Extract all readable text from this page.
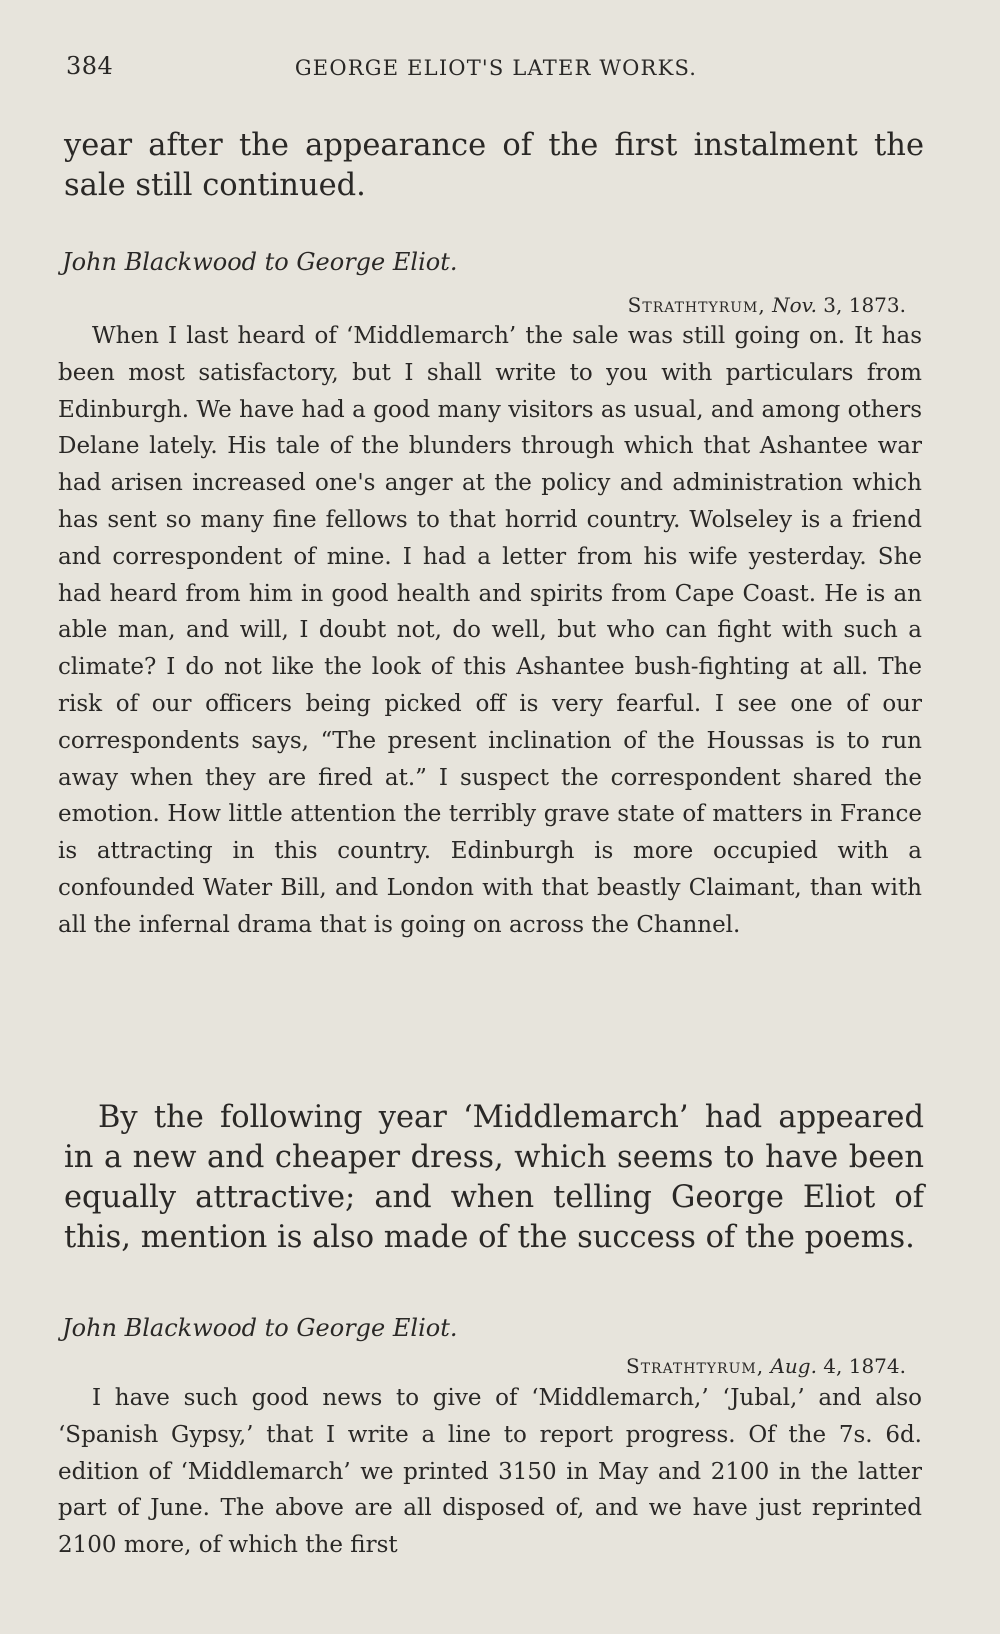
384	GEORGE ELIOT'S LATER WORKS.
year after the appearance of the first instalment the sale still continued.
John Blackwood to George Eliot.
Strathtyrum, Nov. 3, 1873.
When I last heard of ‘Middlemarch’ the sale was still going on. It has been most satisfactory, but I shall write to you with particulars from Edinburgh. We have had a good many visitors as usual, and among others Delane lately. His tale of the blunders through which that Ashantee war had arisen increased one's anger at the policy and administration which has sent so many fine fellows to that horrid country. Wolseley is a friend and correspondent of mine. I had a letter from his wife yesterday. She had heard from him in good health and spirits from Cape Coast. He is an able man, and will, I doubt not, do well, but who can fight with such a climate? I do not like the look of this Ashantee bush-fighting at all. The risk of our officers being picked off is very fearful. I see one of our correspondents says, “The present inclination of the Houssas is to run away when they are fired at.” I suspect the correspondent shared the emotion. How little attention the terribly grave state of matters in France is attracting in this country. Edinburgh is more occupied with a confounded Water Bill, and London with that beastly Claimant, than with all the infernal drama that is going on across the Channel.
By the following year ‘Middlemarch’ had appeared in a new and cheaper dress, which seems to have been equally attractive; and when telling George Eliot of this, mention is also made of the success of the poems.
John Blackwood to George Eliot.
Strathtyrum, Aug. 4, 1874.
I have such good news to give of ‘Middlemarch,’ ‘Jubal,’ and also ‘Spanish Gypsy,’ that I write a line to report progress. Of the 7s. 6d. edition of ‘Middlemarch’ we printed 3150 in May and 2100 in the latter part of June. The above are all disposed of, and we have just reprinted 2100 more, of which the first
